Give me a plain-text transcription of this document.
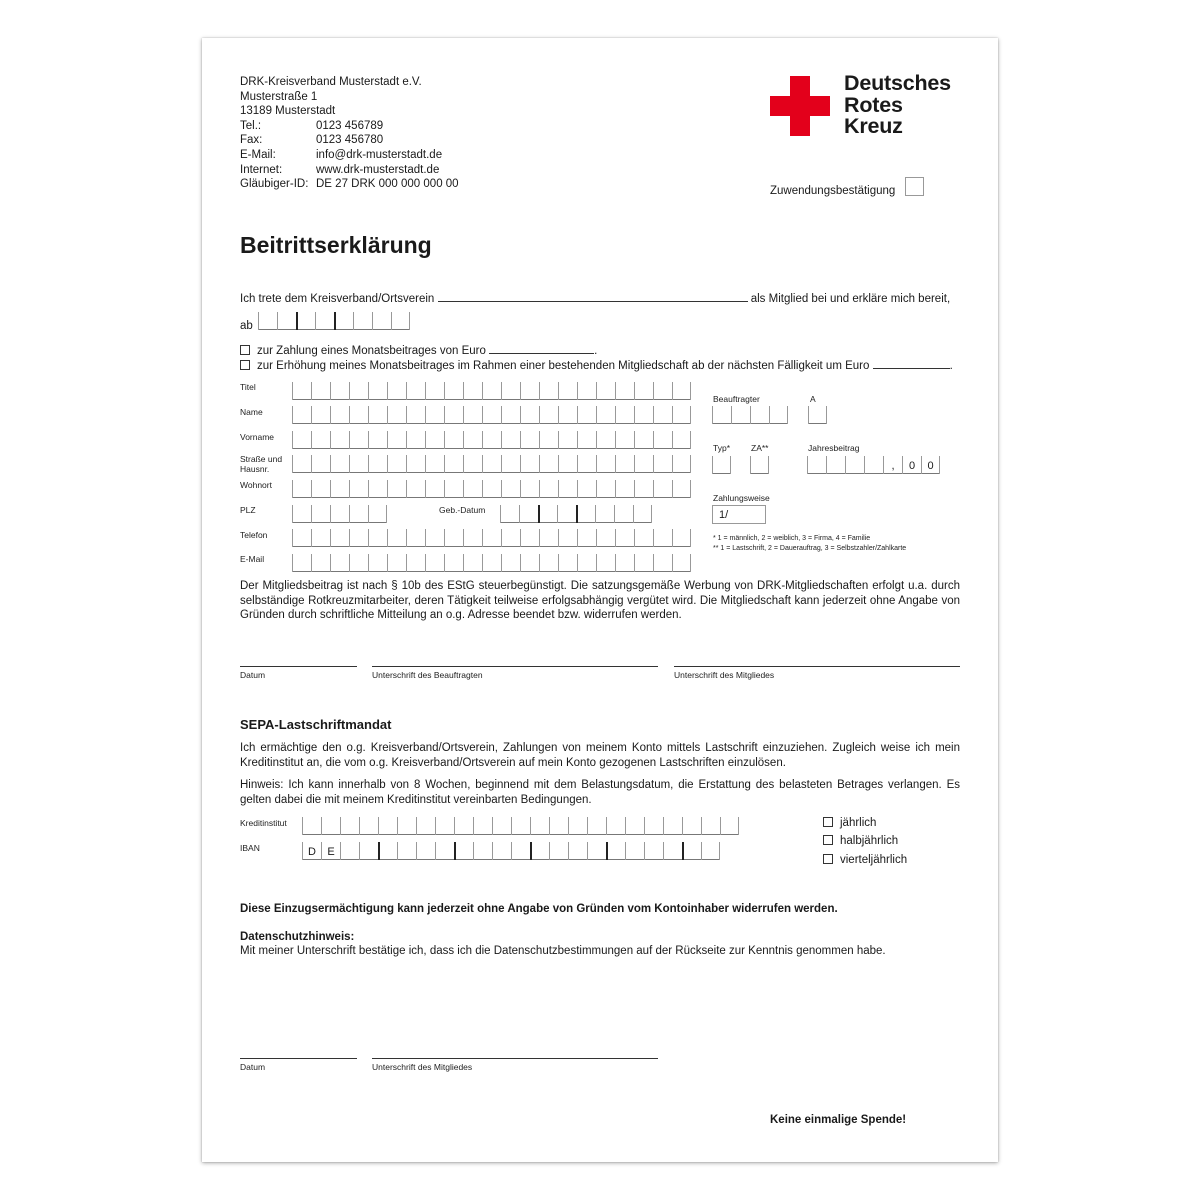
DRK-Kreisverband Musterstadt e.V.
Musterstraße 1
13189 Musterstadt
Tel.:	0123 456789
Fax:	0123 456780
E-Mail:	info@drk-musterstadt.de
Internet:	www.drk-musterstadt.de
Gläubiger-ID: DE 27 DRK 000 000 000 00
Deutsches
Rotes
Kreuz
Zuwendungsbestätigung
Beitrittserklärung
Ich trete dem Kreisverband/Ortsverein	als Mitglied bei und erkläre mich bereit,
ab
zur Zahlung eines Monatsbeitrages von Euro	.
zur Erhöhung meines Monatsbeitrages im Rahmen einer bestehenden Mitgliedschaft ab der nächsten Fälligkeit um Euro	.
Titel
Name
Vorname
Straße und Hausnr.
Wohnort
PLZ	Geb.-Datum
Telefon
E-Mail
Beauftragter	A
Typ* ZA**	Jahresbeitrag
,	0	0
Zahlungsweise
1/
* 1 = männlich, 2 = weiblich, 3 = Firma, 4 = Familie
** 1 = Lastschrift, 2 = Dauerauftrag, 3 = Selbstzahler/Zahlkarte
Der Mitgliedsbeitrag ist nach § 10b des EStG steuerbegünstigt. Die satzungsgemäße Werbung von DRK-Mitgliedschaften erfolgt u.a. durch selbständige Rotkreuzmitarbeiter, deren Tätigkeit teilweise erfolgsabhängig vergütet wird. Die Mitgliedschaft kann jederzeit ohne Angabe von Gründen durch schriftliche Mitteilung an o.g. Adresse beendet bzw. widerrufen werden.
Datum	Unterschrift des Beauftragten	Unterschrift des Mitgliedes
SEPA-Lastschriftmandat
Ich ermächtige den o.g. Kreisverband/Ortsverein, Zahlungen von meinem Konto mittels Lastschrift einzuziehen. Zugleich weise ich mein Kreditinstitut an, die vom o.g. Kreisverband/Ortsverein auf mein Konto gezogenen Lastschriften einzulösen.
Hinweis: Ich kann innerhalb von 8 Wochen, beginnend mit dem Belastungsdatum, die Erstattung des belasteten Betrages verlangen. Es gelten dabei die mit meinem Kreditinstitut vereinbarten Bedingungen.
Kreditinstitut
IBAN	D	E
jährlich
halbjährlich
vierteljährlich
Diese Einzugsermächtigung kann jederzeit ohne Angabe von Gründen vom Kontoinhaber widerrufen werden.
Datenschutzhinweis:
Mit meiner Unterschrift bestätige ich, dass ich die Datenschutzbestimmungen auf der Rückseite zur Kenntnis genommen habe.
Datum	Unterschrift des Mitgliedes
Keine einmalige Spende!
